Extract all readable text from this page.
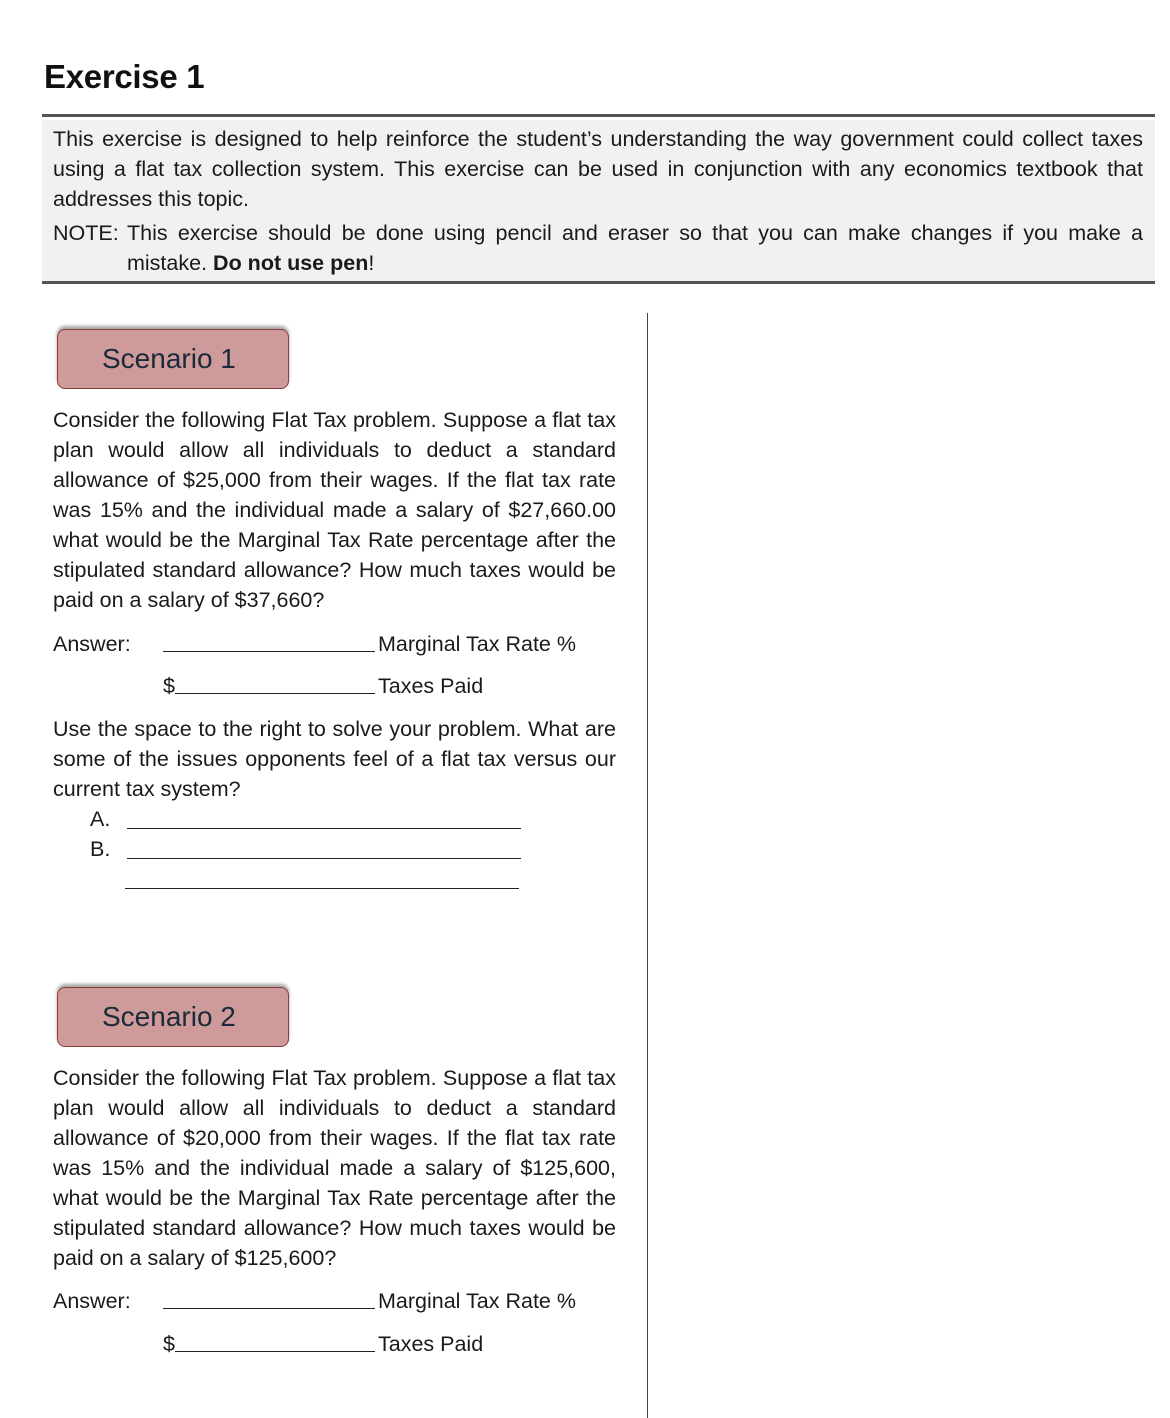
Exercise 1

This exercise is designed to help reinforce the student’s understanding the way government could collect taxes using a flat tax collection system. This exercise can be used in conjunction with any economics textbook that addresses this topic.

NOTE: This exercise should be done using pencil and eraser so that you can make changes if you make a mistake. Do not use pen!
Scenario 1

Consider the following Flat Tax problem. Suppose a flat tax plan would allow all individuals to deduct a standard allowance of $25,000 from their wages. If the flat tax rate was 15% and the individual made a salary of $27,660.00 what would be the Marginal Tax Rate percentage after the stipulated standard allowance? How much taxes would be paid on a salary of $37,660?

Answer:	Marginal Tax Rate %
$	Taxes Paid

Use the space to the right to solve your problem. What are some of the issues opponents feel of a flat tax versus our current tax system?

A.
B.
Scenario 2

Consider the following Flat Tax problem. Suppose a flat tax plan would allow all individuals to deduct a standard allowance of $20,000 from their wages. If the flat tax rate was 15% and the individual made a salary of $125,600, what would be the Marginal Tax Rate percentage after the stipulated standard allowance? How much taxes would be paid on a salary of $125,600?

Answer:	Marginal Tax Rate %
$	Taxes Paid
